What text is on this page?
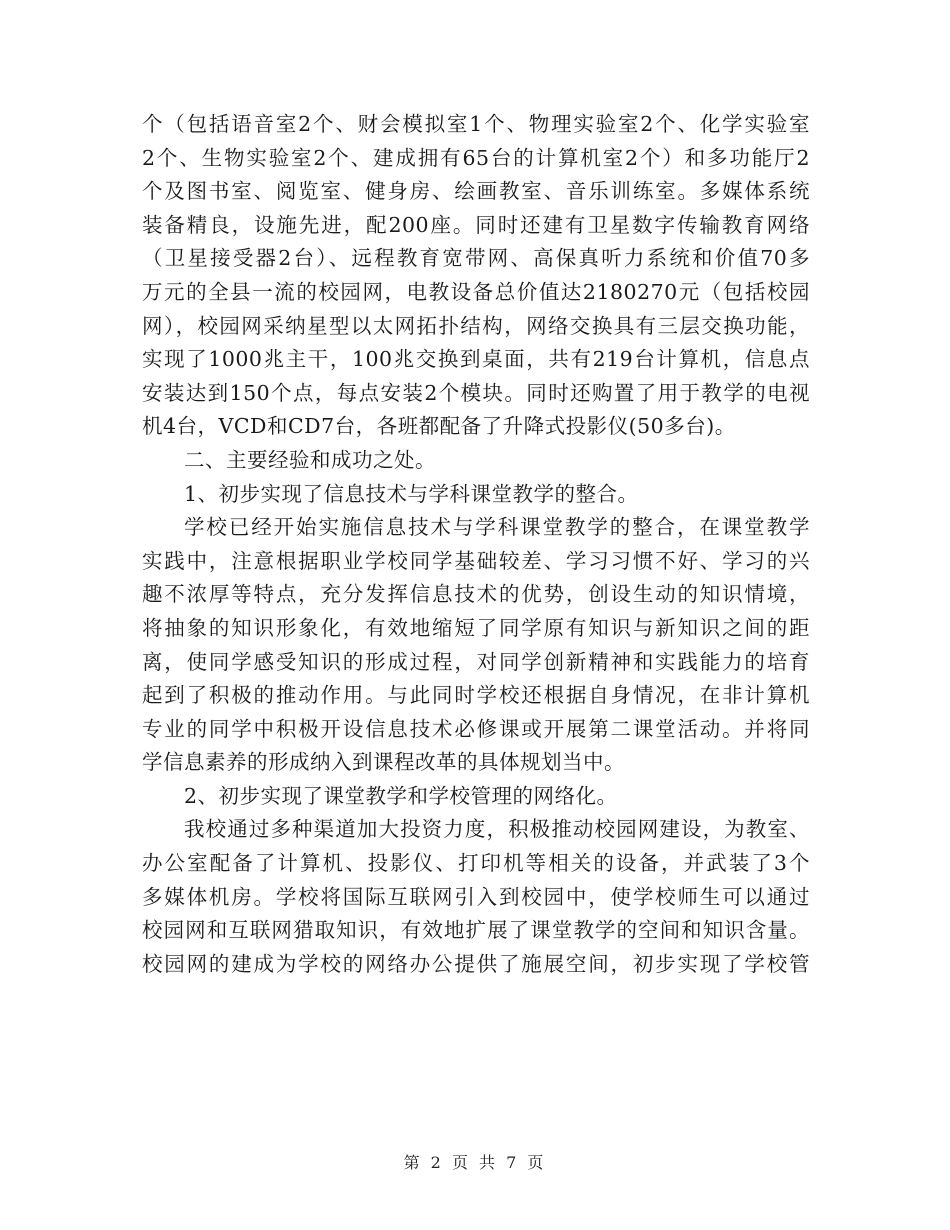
个（包括语音室2个、财会模拟室1个、物理实验室2个、化学实验室
2个、生物实验室2个、建成拥有65台的计算机室2个）和多功能厅2
个及图书室、阅览室、健身房、绘画教室、音乐训练室。多媒体系统
装备精良，设施先进，配200座。同时还建有卫星数字传输教育网络
（卫星接受器2台）、远程教育宽带网、高保真听力系统和价值70多
万元的全县一流的校园网，电教设备总价值达2180270元（包括校园
网），校园网采纳星型以太网拓扑结构，网络交换具有三层交换功能，
实现了1000兆主干，100兆交换到桌面，共有219台计算机，信息点
安装达到150个点，每点安装2个模块。同时还购置了用于教学的电视
机4台，VCD和CD7台，各班都配备了升降式投影仪(50多台)。
二、主要经验和成功之处。
1、初步实现了信息技术与学科课堂教学的整合。
学校已经开始实施信息技术与学科课堂教学的整合，在课堂教学
实践中，注意根据职业学校同学基础较差、学习习惯不好、学习的兴
趣不浓厚等特点，充分发挥信息技术的优势，创设生动的知识情境，
将抽象的知识形象化，有效地缩短了同学原有知识与新知识之间的距
离，使同学感受知识的形成过程，对同学创新精神和实践能力的培育
起到了积极的推动作用。与此同时学校还根据自身情况，在非计算机
专业的同学中积极开设信息技术必修课或开展第二课堂活动。并将同
学信息素养的形成纳入到课程改革的具体规划当中。
2、初步实现了课堂教学和学校管理的网络化。
我校通过多种渠道加大投资力度，积极推动校园网建设，为教室、
办公室配备了计算机、投影仪、打印机等相关的设备，并武装了3个
多媒体机房。学校将国际互联网引入到校园中，使学校师生可以通过
校园网和互联网猎取知识，有效地扩展了课堂教学的空间和知识含量。
校园网的建成为学校的网络办公提供了施展空间，初步实现了学校管
第 2 页 共 7 页
